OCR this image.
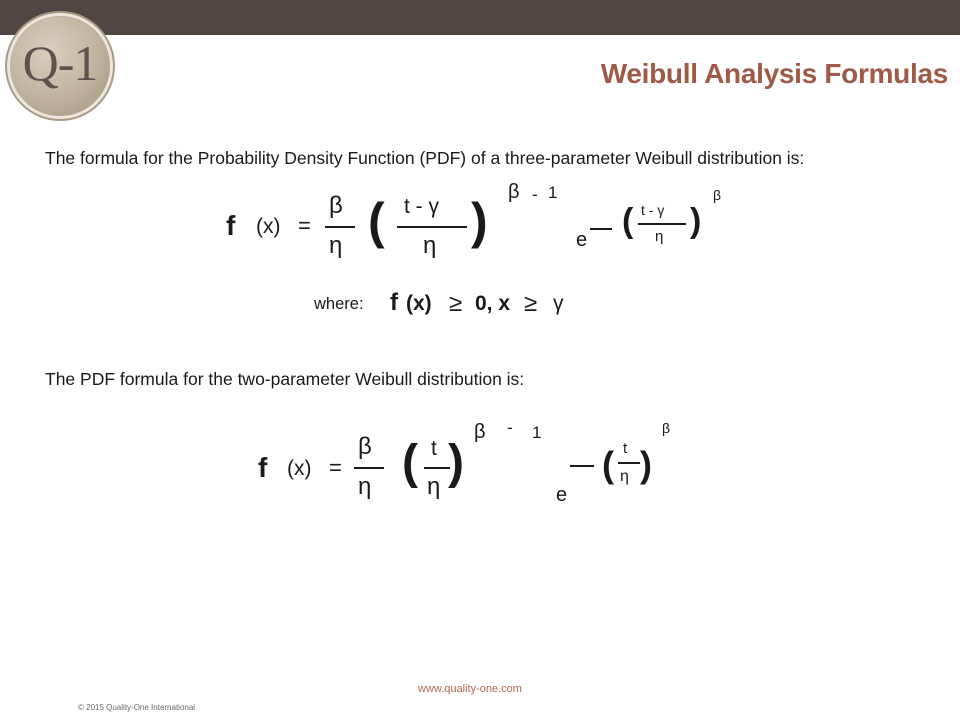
Q-1	Weibull Analysis Formulas
The formula for the Probability Density Function (PDF) of a three-parameter Weibull distribution is:
f (x) =
β
η ( t - γ
η )
β - 1
e ( t - γ
η )
β
where: f (x) ≥ 0, x ≥ γ
The PDF formula for the two-parameter Weibull distribution is:
f (x) =
β
η ( t
η )
β - 1
e
( t
η )
β
www.quality-one.com
© 2015 Quality-One International
